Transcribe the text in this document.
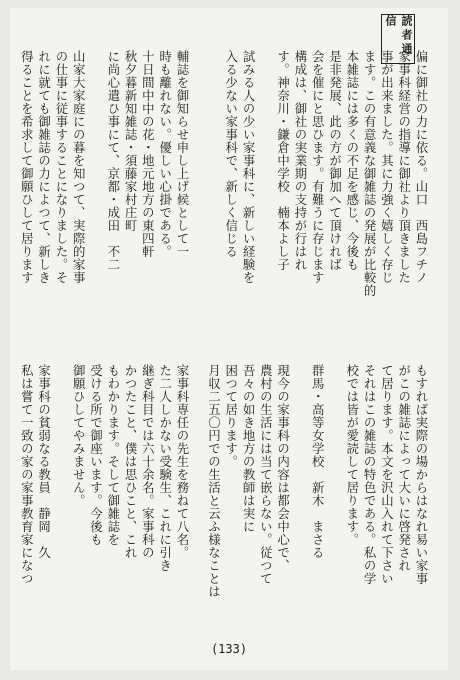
読者通信
偏に御社の力に依る。山口　西島フチノ
家事科経営の指導に御社より頂きました
事が出来ました。其に力強く嬉しく存じ
ます。この有意義な御雑誌の発展が比較的
本雑誌には多くの不足を感じ、今後も
是非発展、此の方が御加へて頂ければ
会を催にと思ひます。有難うに存じます
構成は、御社の実業期の支持が行はれ
す。神奈川・鎌倉中学校　楠本よし子

試みる人の少い家事科に、新しい経験を
入る少ない家事科で、新しく信じる

もすれば実際の場からはなれ易い家事
がこの雑誌によって大いに啓発され
て居ります。本文を沢山入れて下さい
それはこの雑誌の特色である。私の学
校では皆が愛読して居ります。

群馬・高等女学校　新木　まさる

現今の家事科の内容は都会中心で、
農村の生活には当て嵌らない。従つて
吾々の如き地方の教師は実に
困つて居ります。
月収二五〇円での生活と云ふ様なことは

輔誌を御知らせ申し上げ候として一
時も離れない。優しい心掛である。
十日間中中の花・地元地方の東四軒
秋夕暮新知雑誌・須藤家村庄町
に尚心遣ひ事にて、京都・成田　不二

山家大家庭にの暮を知つて、実際的家事
の仕事に従事することになりました。そ
れに就ても御雑誌の力によつて、新しき
得ることを希求して御願ひして居ります

家事科専任の先生を務ねて八名。
た二人しかない受験生、これに引き
継ぎ科目では六十余名。家事科の
かつたこと、僕は思ひこと、これ
もわかります。そして御雑誌を
受ける所で御座います。今後も
御願ひしてやみません。

家事科の貧弱なる教員　静岡　久
私は嘗て一致の家の家事教育家になつ

(133)
